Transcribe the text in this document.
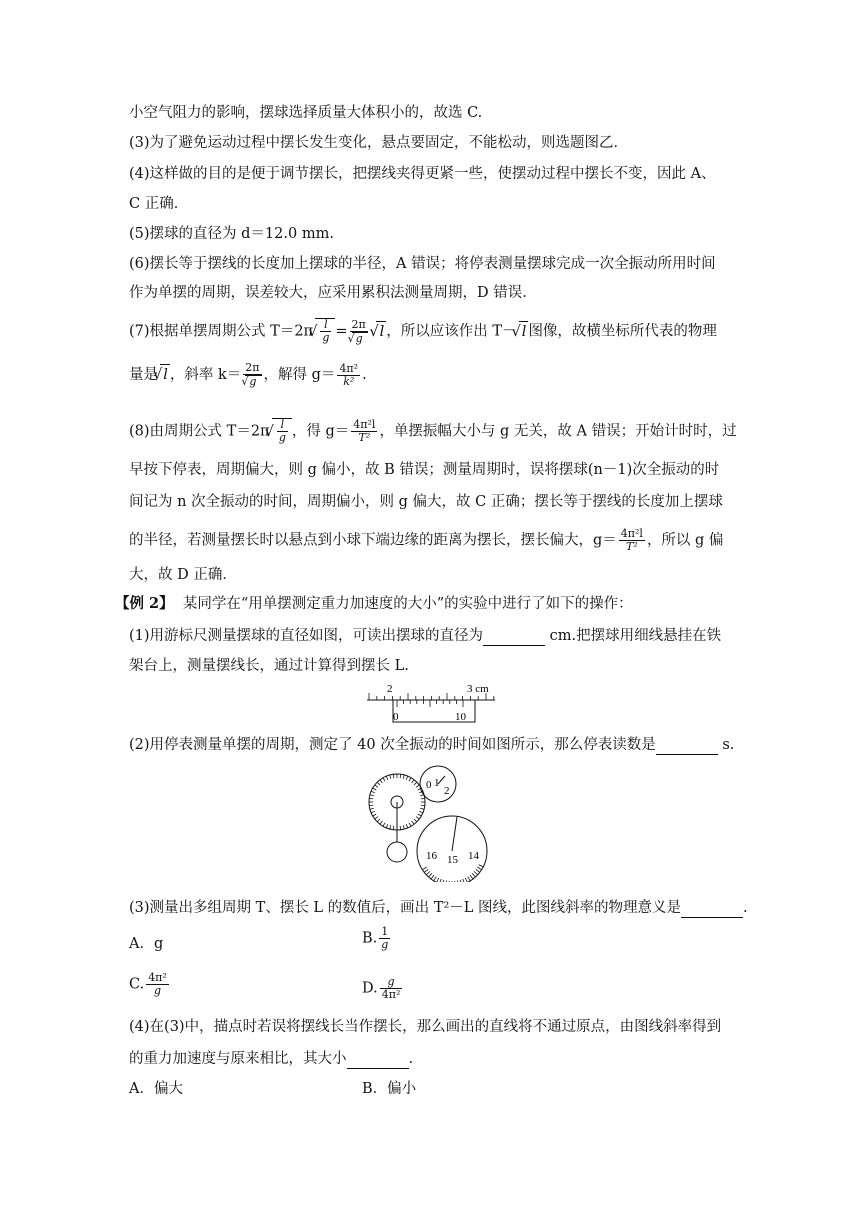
小空气阻力的影响，摆球选择质量大体积小的，故选 C.
(3)为了避免运动过程中摆长发生变化，悬点要固定，不能松动，则选题图乙．
(4)这样做的目的是便于调节摆长，把摆线夹得更紧一些，使摆动过程中摆长不变，因此 A、
C 正确．
(5)摆球的直径为 d＝12.0 mm.
(6)摆长等于摆线的长度加上摆球的半径，A 错误；将停表测量摆球完成一次全振动所用时间
作为单摆的周期，误差较大，应采用累积法测量周期，D 错误．
(7)根据单摆周期公式 T＝2π √ $\frac{l}{g} = 2\pi$
√ g √ l ，所以应该作出 T－ √ l 图像，故横坐标所代表的物理
量是 √ l ，斜率 k＝ 2π
√ g ，解得 $g= \frac{\text{4π²}}{\text{k²}}$ .
(8)由周期公式 T＝2π √ $\frac{l}{g}$ ，得 $g= \frac{\text{4π²l}}{\text{T²}}$ ，单摆振幅大小与 g 无关，故 A 错误；开始计时时，过
早按下停表，周期偏大，则 g 偏小，故 B 错误；测量周期时，误将摆球(n－1)次全振动的时
间记为 n 次全振动的时间，周期偏小，则 g 偏大，故 C 正确；摆长等于摆线的长度加上摆球
的半径，若测量摆长时以悬点到小球下端边缘的距离为摆长，摆长偏大，$g= \frac{\text{4π²l}}{\text{T²}}$ ，所以 g 偏
大，故 D 正确．
【例 2】 某同学在“用单摆测定重力加速度的大小”的实验中进行了如下的操作：
(1)用游标尺测量摆球的直径如图，可读出摆球的直径为	cm.把摆球用细线悬挂在铁
架台上，测量摆线长，通过计算得到摆长 L.
2	3 cm
0	10
(2)用停表测量单摆的周期，测定了 40 次全振动的时间如图所示，那么停表读数是	s.
0 1
2
16 15 14
(3)测量出多组周期 T、摆长 L 的数值后，画出 T²－L 图线，此图线斜率的物理意义是	.
A．g	B. $\frac{1}{g}$
C. $\frac{\text{4π²}}{g}$	D. $\frac{g}{\text{4π²}}$
(4)在(3)中，描点时若误将摆线长当作摆长，那么画出的直线将不通过原点，由图线斜率得到
的重力加速度与原来相比，其大小	.
A．偏大	B．偏小
